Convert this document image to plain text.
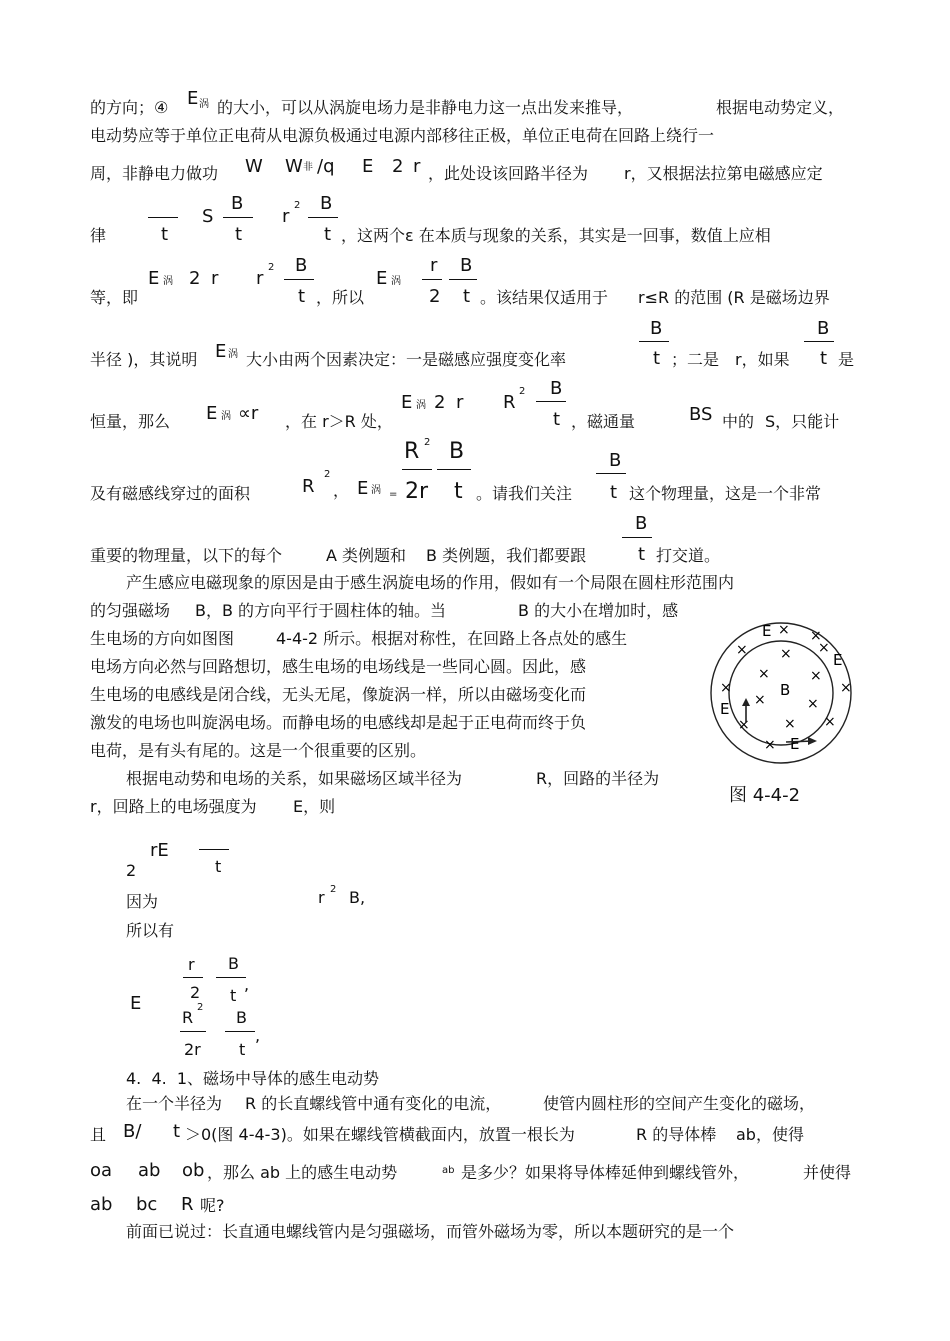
的方向；④ E 涡 的大小，可以从涡旋电场力是非静电力这一点出发来推导，	根据电动势定义，
电动势应等于单位正电荷从电源负极通过电源内部移往正极，单位正电荷在回路上绕行一
周，非静电力做功 W W 非 /q E 2 r ，此处设该回路半径为 r，又根据法拉第电磁感应定
B	B
律	t
S
t
r
2
t ，这两个ε 在本质与现象的关系，其实是一回事，数值上应相
B	r B
等，即
E 涡 2 r r
2
t ，所以
E 涡
2 t 。该结果仅适用于 r≤R 的范围 (R 是磁场边界
B	B
半径 )，其说明 E 涡 大小由两个因素决定：一是磁感应强度变化率	t ；二是 r，如果 t 是
E 涡 2 r R
2 B
恒量，那么 E 涡 ∝r ，在 r＞R 处，	t ，磁通量	BS 中的 S，只能计
R 2 B	B
及有磁感线穿过的面积	R
2
， E 涡 = 2r t 。请我们关注 t 这个物理量，这是一个非常
B
重要的物理量，以下的每个	A 类例题和 B 类例题，我们都要跟	t 打交道。
产生感应电磁现象的原因是由于感生涡旋电场的作用，假如有一个局限在圆柱形范围内
的匀强磁场 B，B 的方向平行于圆柱体的轴。当	B 的大小在增加时，感
生电场的方向如图图	4-4-2 所示。根据对称性，在回路上各点处的感生
电场方向必然与回路想切，感生电场的电场线是一些同心圆。因此，感
生电场的电感线是闭合线，无头无尾，像旋涡一样，所以由磁场变化而
激发的电场也叫旋涡电场。而静电场的电感线却是起于正电荷而终于负
电荷，是有头有尾的。这是一个很重要的区别。
根据电动势和电场的关系，如果磁场区域半径为	R，回路的半径为
图 4-4-2
r，回路上的电场强度为 E，则
rE
2	t
因为	r 2 B,
所以有
r B
2 t
,
E
R
2
B
,
2r t
4.  4.  1、磁场中导体的感生电动势
在一个半径为 R 的长直螺线管中通有变化的电流，	使管内圆柱形的空间产生变化的磁场，
且 B/ t ＞0(图 4-4-3)。如果在螺线管横截面内，放置一根长为	R 的导体棒 ab，使得
oa ab ob ，那么 ab 上的感生电动势	ab 是多少？如果将导体棒延伸到螺线管外，	并使得
ab bc R 呢?
前面已说过：长直通电螺线管内是匀强磁场，而管外磁场为零，所以本题研究的是一个
× ×
× × ×
×	×
×	×
×	×
× × ×
×
B
E
E
E
E
